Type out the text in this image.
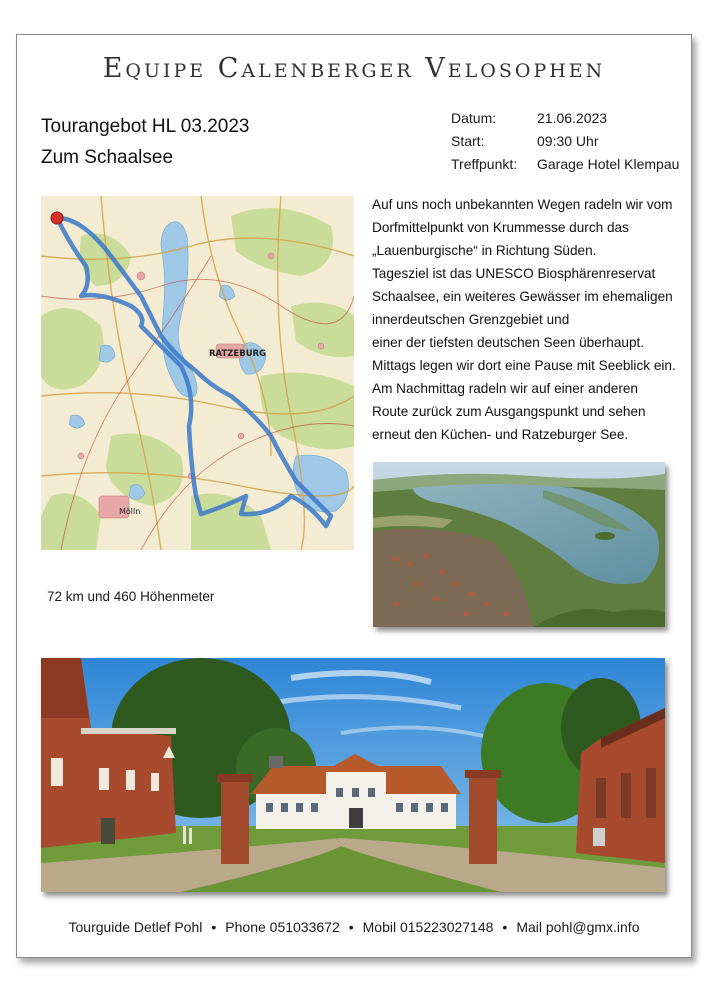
Equipe Calenberger Velosophen
Tourangebot HL 03.2023
Zum Schaalsee
Datum:	21.06.2023
Start:	09:30 Uhr
Treffpunkt:	Garage Hotel Klempau
RATZEBURG
Mölln
Auf uns noch unbekannten Wegen radeln wir vom
Dorfmittelpunkt von Krummesse durch das
„Lauenburgische“ in Richtung Süden.
Tagesziel ist das UNESCO Biosphärenreservat
Schaalsee, ein weiteres Gewässer im ehemaligen
innerdeutschen Grenzgebiet und
einer der tiefsten deutschen Seen überhaupt.
Mittags legen wir dort eine Pause mit Seeblick ein.
Am Nachmittag radeln wir auf einer anderen
Route zurück zum Ausgangspunkt und sehen
erneut den Küchen- und Ratzeburger See.
72 km und 460 Höhenmeter
Tourguide Detlef Pohl • Phone 051033672 • Mobil 015223027148 • Mail pohl@gmx.info
